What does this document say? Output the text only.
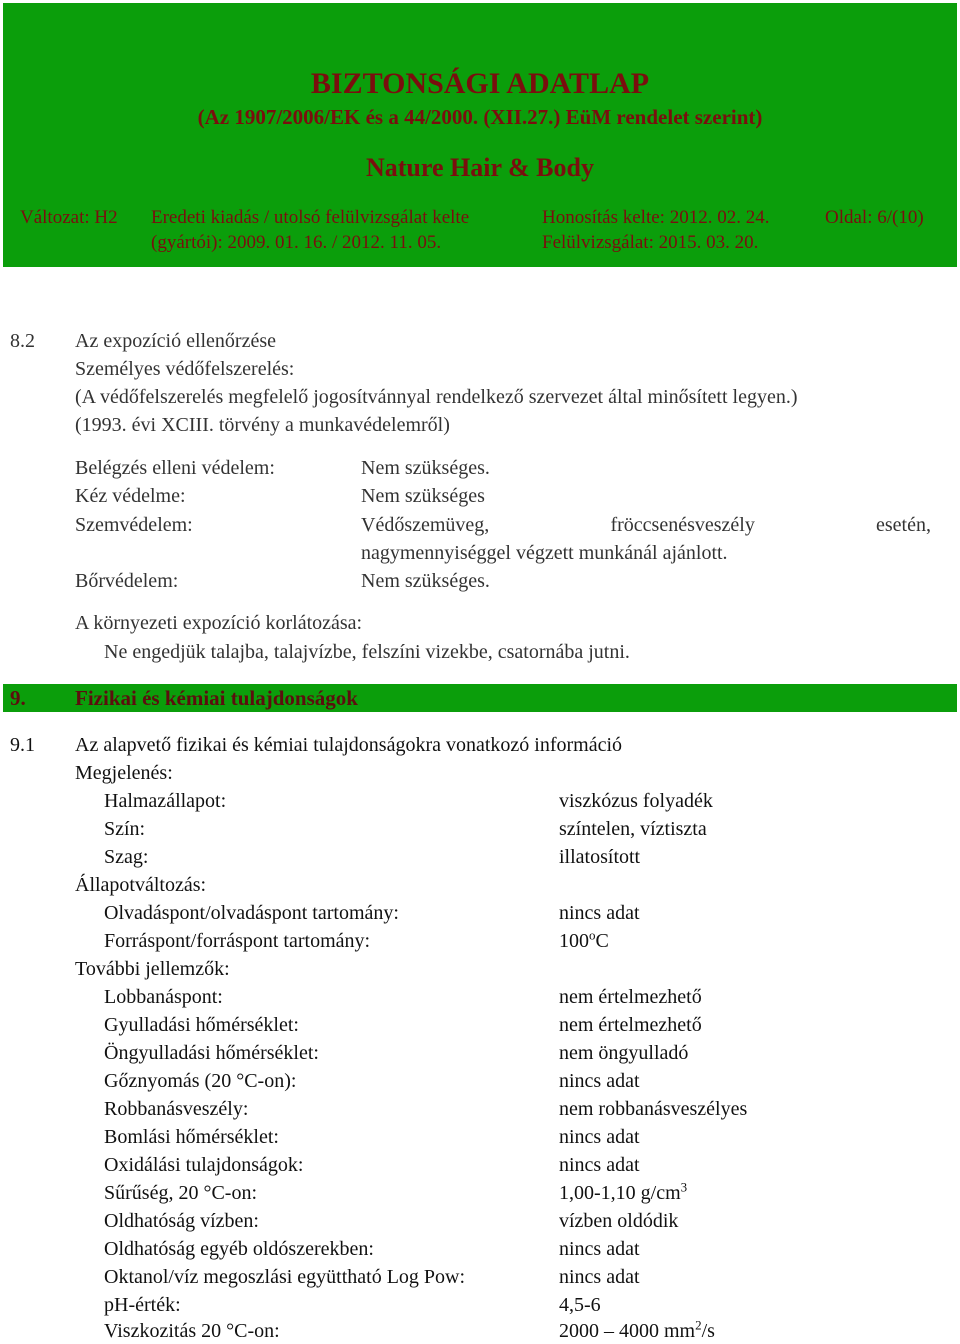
BIZTONSÁGI ADATLAP
(Az 1907/2006/EK és a 44/2000. (XII.27.) EüM rendelet szerint)
Nature Hair & Body
Változat: H2 Eredeti kiadás / utolsó felülvizsgálat kelte
(gyártói): 2009. 01. 16. / 2012. 11. 05.
Honosítás kelte: 2012. 02. 24.
Felülvizsgálat: 2015. 03. 20.
Oldal: 6/(10)
8.2 Az expozíció ellenőrzése
Személyes védőfelszerelés:
(A védőfelszerelés megfelelő jogosítvánnyal rendelkező szervezet által minősített legyen.)
(1993. évi XCIII. törvény a munkavédelemről)
Belégzés elleni védelem:	Nem szükséges.
Kéz védelme:	Nem szükséges
Szemvédelem:	Védőszemüveg,	fröccsenésveszély	esetén,
nagymennyiséggel végzett munkánál ajánlott.
Bőrvédelem:	Nem szükséges.
A környezeti expozíció korlátozása:
Ne engedjük talajba, talajvízbe, felszíni vizekbe, csatornába jutni.
9. Fizikai és kémiai tulajdonságok
9.1 Az alapvető fizikai és kémiai tulajdonságokra vonatkozó információ
Megjelenés:
Halmazállapot:	viszkózus folyadék
Szín:	színtelen, víztiszta
Szag:	illatosított
Állapotváltozás:
Olvadáspont/olvadáspont tartomány:	nincs adat
Forráspont/forráspont tartomány:	100$^o$C
További jellemzők:
Lobbanáspont:	nem értelmezhető
Gyulladási hőmérséklet:	nem értelmezhető
Öngyulladási hőmérséklet:	nem öngyulladó
Gőznyomás (20 °C-on):	nincs adat
Robbanásveszély:	nem robbanásveszélyes
Bomlási hőmérséklet:	nincs adat
Oxidálási tulajdonságok:	nincs adat
Sűrűség, 20 °C-on:	1,00-1,10 $g/cm^3$
Oldhatóság vízben:	vízben oldódik
Oldhatóság egyéb oldószerekben:	nincs adat
Oktanol/víz megoszlási együttható Log Pow:	nincs adat
pH-érték:	4,5-6
Viszkozitás 20 °C-on:	2000 – 4000 $mm^2/s$
